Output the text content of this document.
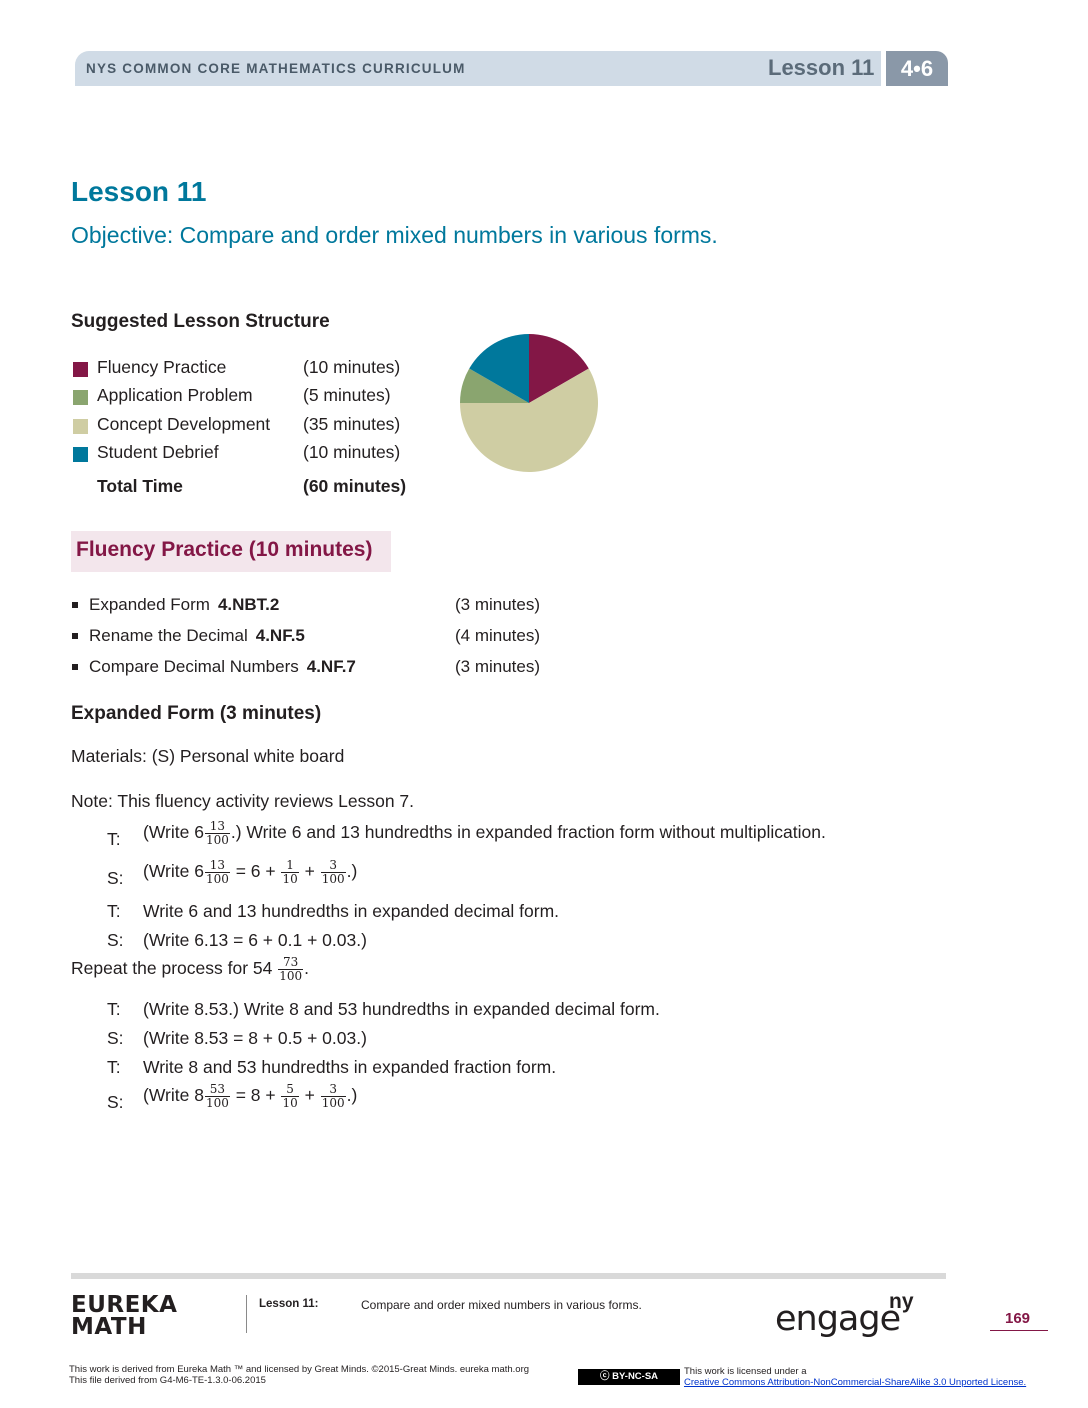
NYS COMMON CORE MATHEMATICS CURRICULUM	Lesson 11	4•6
Lesson 11
Objective: Compare and order mixed numbers in various forms.
Suggested Lesson Structure
Fluency Practice	(10 minutes)
Application Problem	(5 minutes)
Concept Development (35 minutes)
Student Debrief	(10 minutes)
Total Time	(60 minutes)
Fluency Practice (10 minutes)
Expanded Form 4.NBT.2	(3 minutes)
Rename the Decimal 4.NF.5	(4 minutes)
Compare Decimal Numbers 4.NF.7	(3 minutes)
Expanded Form (3 minutes)
Materials: (S) Personal white board
Note: This fluency activity reviews Lesson 7.
T: (Write $6 \frac{13}{100}$ .) Write 6 and 13 hundredths in expanded fraction form without multiplication.
S: (Write $6 \frac{13}{100} = 6 + \frac{1}{10} + \frac{3}{100}$ .)
T: Write 6 and 13 hundredths in expanded decimal form.
S: (Write 6.13 = 6 + 0.1 + 0.03.)
Repeat the process for $54 \frac{73}{100}$ .
T: (Write 8.53.) Write 8 and 53 hundredths in expanded decimal form.
S: (Write 8.53 = 8 + 0.5 + 0.03.)
T: Write 8 and 53 hundredths in expanded fraction form.
S: (Write $8 \frac{53}{100} = 8 + \frac{5}{10} + \frac{3}{100}$ .)
EUREKA
MATH
Lesson 11:	Compare and order mixed numbers in various forms.	engage
ny
169
This work is derived from Eureka Math ™ and licensed by Great Minds. ©2015-Great Minds. eureka math.org
This file derived from G4-M6-TE-1.3.0-06.2015	ⓒ BY-NC-SA	This work is licensed under a
Creative Commons Attribution-NonCommercial-ShareAlike 3.0 Unported License.
